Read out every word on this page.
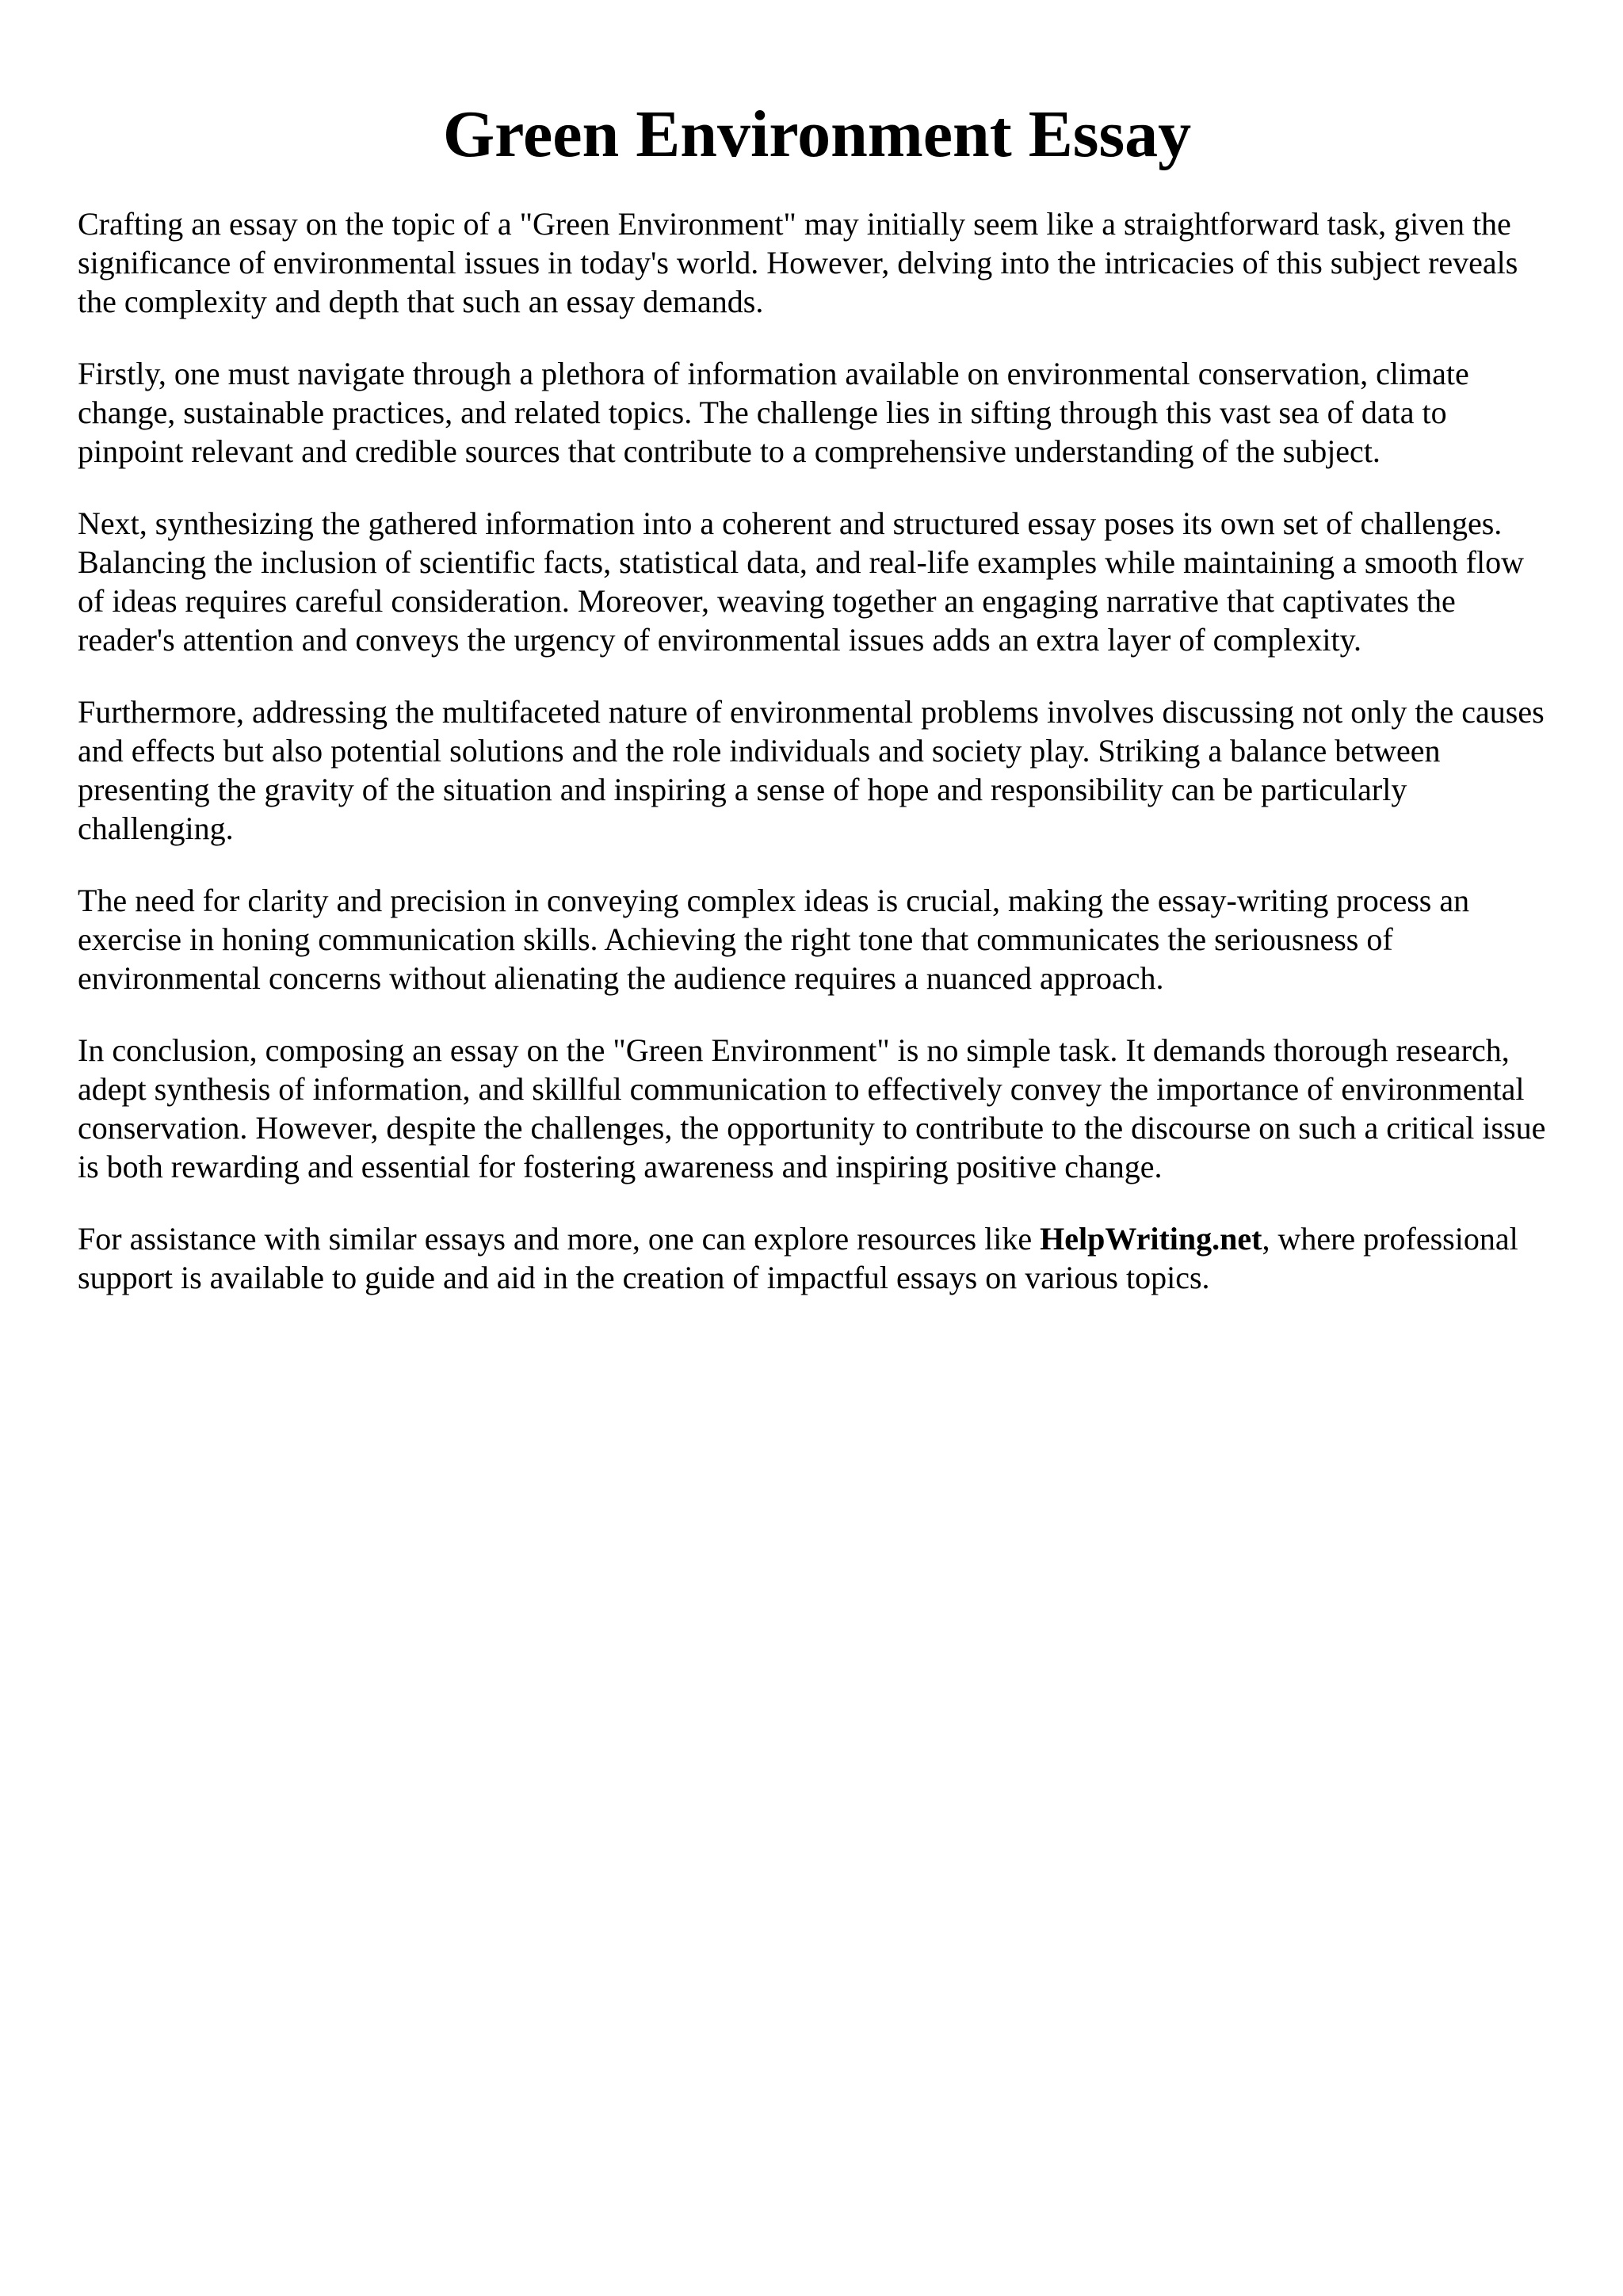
Green Environment Essay

Crafting an essay on the topic of a "Green Environment" may initially seem like a straightforward task, given the significance of environmental issues in today's world. However, delving into the intricacies of this subject reveals the complexity and depth that such an essay demands.

Firstly, one must navigate through a plethora of information available on environmental conservation, climate change, sustainable practices, and related topics. The challenge lies in sifting through this vast sea of data to pinpoint relevant and credible sources that contribute to a comprehensive understanding of the subject.

Next, synthesizing the gathered information into a coherent and structured essay poses its own set of challenges. Balancing the inclusion of scientific facts, statistical data, and real-life examples while maintaining a smooth flow of ideas requires careful consideration. Moreover, weaving together an engaging narrative that captivates the reader's attention and conveys the urgency of environmental issues adds an extra layer of complexity.

Furthermore, addressing the multifaceted nature of environmental problems involves discussing not only the causes and effects but also potential solutions and the role individuals and society play. Striking a balance between presenting the gravity of the situation and inspiring a sense of hope and responsibility can be particularly challenging.

The need for clarity and precision in conveying complex ideas is crucial, making the essay-writing process an exercise in honing communication skills. Achieving the right tone that communicates the seriousness of environmental concerns without alienating the audience requires a nuanced approach.

In conclusion, composing an essay on the "Green Environment" is no simple task. It demands thorough research, adept synthesis of information, and skillful communication to effectively convey the importance of environmental conservation. However, despite the challenges, the opportunity to contribute to the discourse on such a critical issue is both rewarding and essential for fostering awareness and inspiring positive change.

For assistance with similar essays and more, one can explore resources like HelpWriting.net, where professional support is available to guide and aid in the creation of impactful essays on various topics.
